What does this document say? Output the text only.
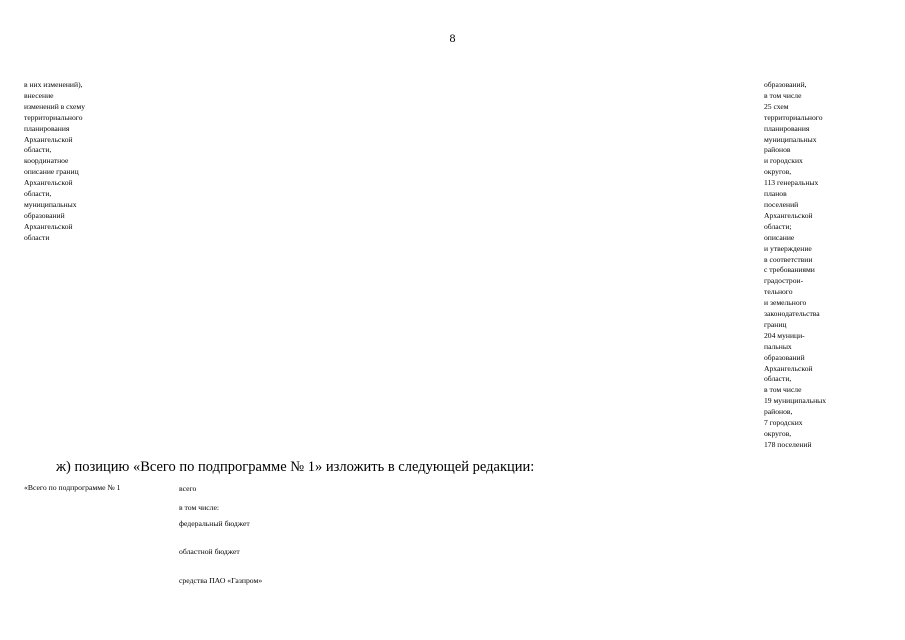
8
в них изменений),
внесение
изменений в схему
территориального
планирования
Архангельской
области,
координатное
описание границ
Архангельской
области,
муниципальных
образований
Архангельской
области
образований,
в том числе
25 схем
территориального
планирования
муниципальных
районов
и городских
округов,
113 генеральных
планов
поселений
Архангельской
области;
описание
и утверждение
в соответствии
с требованиями
градострои-
тельного
и земельного
законодательства
границ
204 муници-
пальных
образований
Архангельской
области,
в том числе
19 муниципальных
районов,
7 городских
округов,
178 поселений
ж) позицию «Всего по подпрограмме № 1» изложить в следующей редакции:
«Всего по подпрограмме № 1	всего
в том числе:
федеральный бюджет
областной бюджет
средства ПАО «Газпром»
